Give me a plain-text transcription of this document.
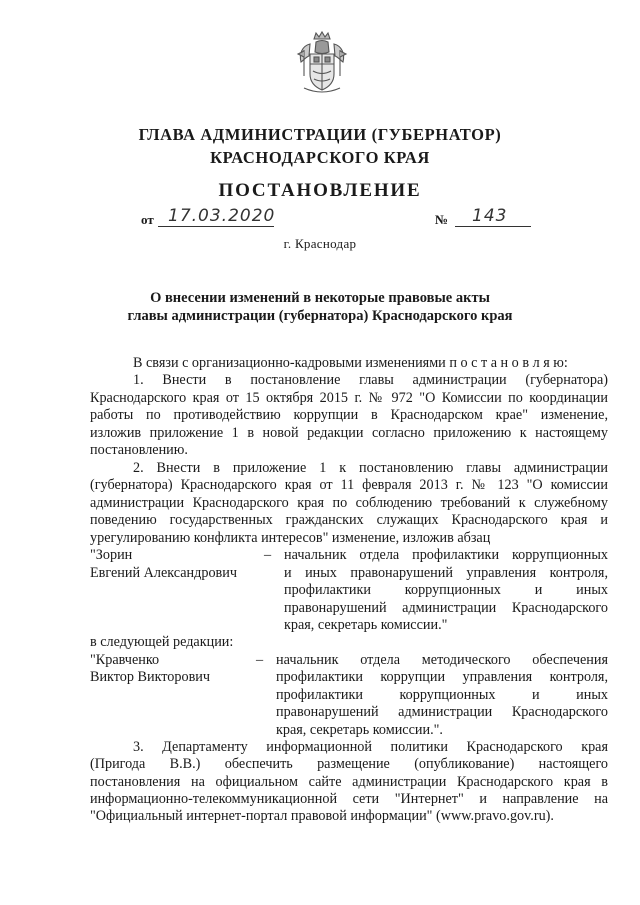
ГЛАВА АДМИНИСТРАЦИИ (ГУБЕРНАТОР)
КРАСНОДАРСКОГО КРАЯ
ПОСТАНОВЛЕНИЕ
от 17.03.2020	№ 143
г. Краснодар
О внесении изменений в некоторые правовые акты
главы администрации (губернатора) Краснодарского края
В связи с организационно-кадровыми изменениями п о с т а н о в л я ю:
1. Внести в постановление главы администрации (губернатора)
Краснодарского края от 15 октября 2015 г. № 972 "О Комиссии по координации
работы по противодействию коррупции в Краснодарском крае" изменение,
изложив приложение 1 в новой редакции согласно приложению к настоящему
постановлению.
2. Внести в приложение 1 к постановлению главы администрации
(губернатора) Краснодарского края от 11 февраля 2013 г. № 123 "О комиссии
администрации Краснодарского края по соблюдению требований к служебному
поведению государственных гражданских служащих Краснодарского края и
урегулированию конфликта интересов" изменение, изложив абзац
"Зорин
Евгений Александрович
– начальник отдела профилактики коррупционных
и иных правонарушений управления контроля,
профилактики коррупционных и иных
правонарушений администрации Краснодарского
края, секретарь комиссии."
в следующей редакции:
"Кравченко
Виктор Викторович
– начальник отдела методического обеспечения
профилактики коррупции управления контроля,
профилактики коррупционных и иных
правонарушений администрации Краснодарского
края, секретарь комиссии.".
3. Департаменту информационной политики Краснодарского края
(Пригода В.В.) обеспечить размещение (опубликование) настоящего
постановления на официальном сайте администрации Краснодарского края в
информационно-телекоммуникационной сети "Интернет" и направление на
"Официальный интернет-портал правовой информации" (www.pravo.gov.ru).
